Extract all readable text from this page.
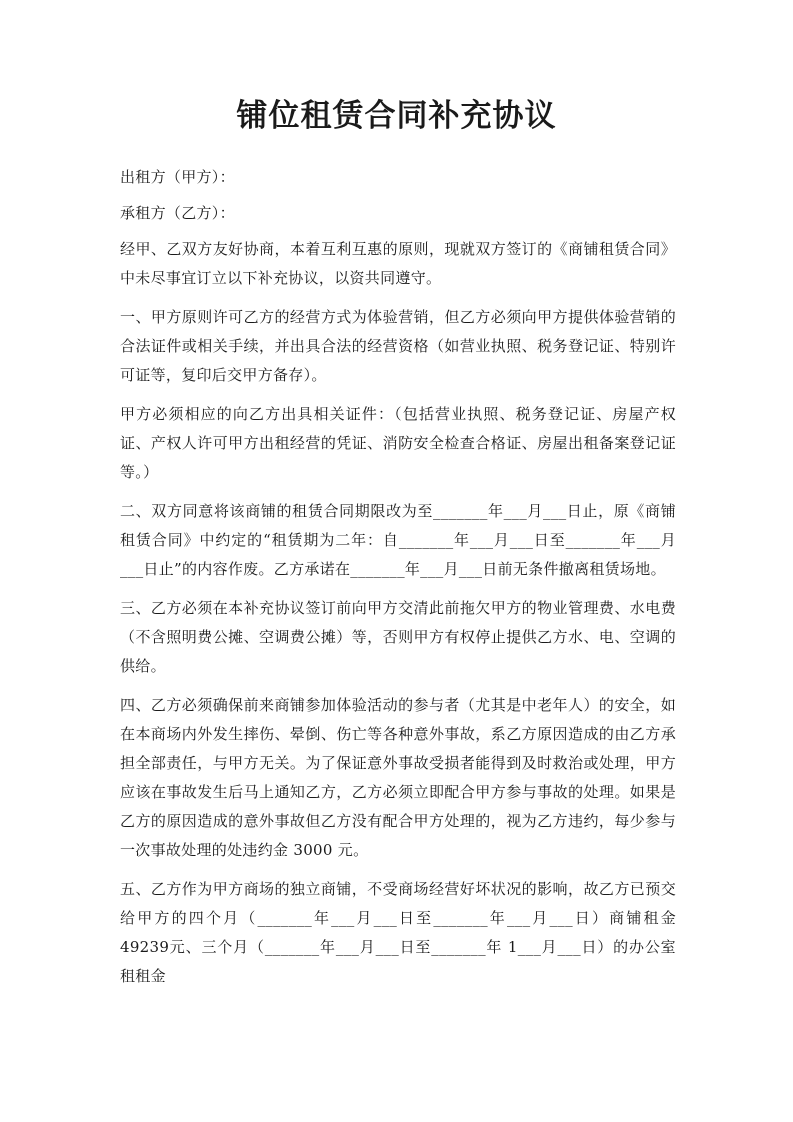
铺位租赁合同补充协议

出租方（甲方）：

承租方（乙方）：

经甲、乙双方友好协商，本着互利互惠的原则，现就双方签订的《商铺租赁合同》中未尽事宜订立以下补充协议，以资共同遵守。

一、甲方原则许可乙方的经营方式为体验营销，但乙方必须向甲方提供体验营销的合法证件或相关手续，并出具合法的经营资格（如营业执照、税务登记证、特别许可证等，复印后交甲方备存）。

甲方必须相应的向乙方出具相关证件：（包括营业执照、税务登记证、房屋产权证、产权人许可甲方出租经营的凭证、消防安全检查合格证、房屋出租备案登记证等。）

二、双方同意将该商铺的租赁合同期限改为至_______年___月___日止，原《商铺租赁合同》中约定的“租赁期为二年：自_______年___月___日至_______年___月___日止”的内容作废。乙方承诺在_______年___月___日前无条件撤离租赁场地。

三、乙方必须在本补充协议签订前向甲方交清此前拖欠甲方的物业管理费、水电费（不含照明费公摊、空调费公摊）等，否则甲方有权停止提供乙方水、电、空调的供给。

四、乙方必须确保前来商铺参加体验活动的参与者（尤其是中老年人）的安全，如在本商场内外发生摔伤、晕倒、伤亡等各种意外事故，系乙方原因造成的由乙方承担全部责任，与甲方无关。为了保证意外事故受损者能得到及时救治或处理，甲方应该在事故发生后马上通知乙方，乙方必须立即配合甲方参与事故的处理。如果是乙方的原因造成的意外事故但乙方没有配合甲方处理的，视为乙方违约，每少参与一次事故处理的处违约金 3000 元。

五、乙方作为甲方商场的独立商铺，不受商场经营好坏状况的影响，故乙方已预交给甲方的四个月（_______年___月___日至_______年___月___日）商铺租金 49239元、三个月（_______年___月___日至_______年 1___月___日）的办公室租租金
